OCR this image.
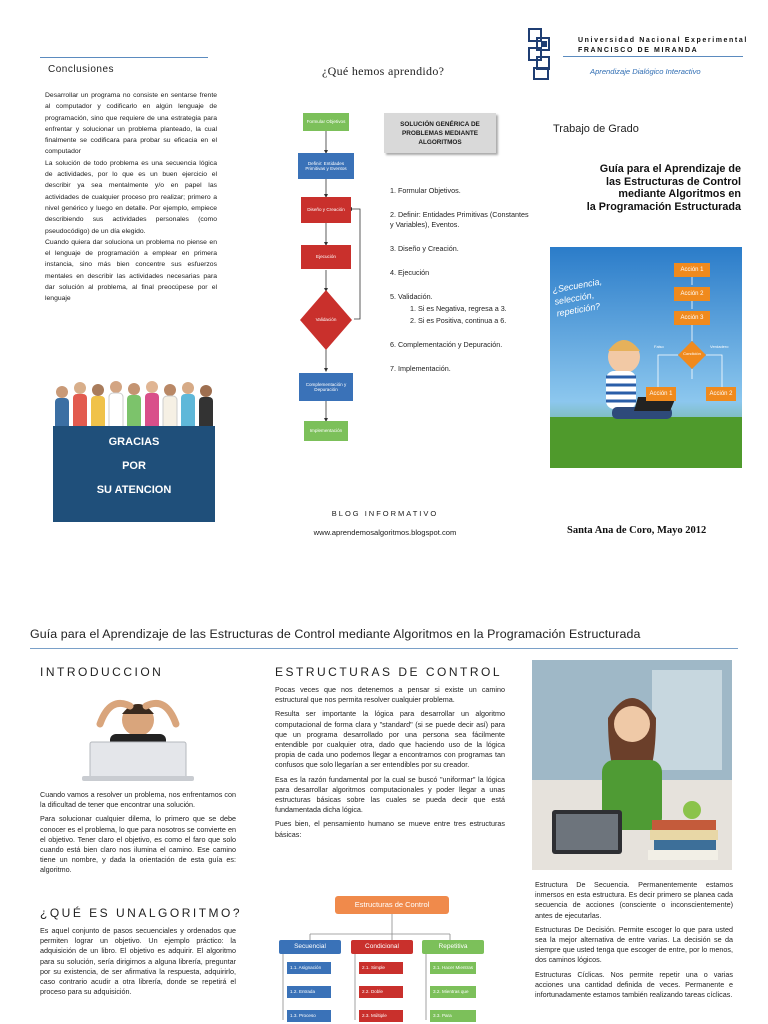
Conclusiones

Desarrollar un programa no consiste en sentarse frente al computador y codificarlo en algún lenguaje de programación, sino que requiere de una estrategia para enfrentar y solucionar un problema planteado, la cual finalmente se codificara para probar su eficacia en el computador

La solución de todo problema es una secuencia lógica de actividades, por lo que es un buen ejercicio el describir ya sea mentalmente y/o en papel las actividades de cualquier proceso pro realizar; primero a nivel genérico y luego en detalle. Por ejemplo, empiece describiendo sus actividades personales (como pseudocódigo) de un día elegido.

Cuando quiera dar soluciona un problema no piense en el lenguaje de programación a emplear en primera instancia, sino más bien concentre sus esfuerzos mentales en describir las actividades necesarias para dar solución al problema, al final preocúpese por el lenguaje

GRACIAS
POR
SU ATENCION
¿Qué hemos aprendido?
Formular Objetivos
Definir: Entidades Primitivas y Eventos
Diseño y Creación
Ejecución
Validación
Complementación y Depuración
Implementación
SOLUCIÓN GENÉRICA DE PROBLEMAS MEDIANTE ALGORITMOS
1. Formular Objetivos.
2. Definir: Entidades Primitivas (Constantes y Variables), Eventos.
3. Diseño y Creación.
4. Ejecución
5. Validación.
1. Si es Negativa, regresa a 3.
2. Si es Positiva, continua a 6.
6. Complementación y Depuración.
7. Implementación.
BLOG INFORMATIVO
www.aprendemosalgoritmos.blogspot.com
Universidad Nacional Experimental
FRANCISCO DE MIRANDA
Aprendizaje Dialógico Interactivo
Trabajo de Grado
Guía para el Aprendizaje de
las Estructuras de Control
mediante Algoritmos en
la Programación Estructurada
¿Secuencia, selección, repetición?
Acción 1
Acción 2
Acción 3
Condición
Falso	Verdadero
Acción 1	Acción 2
Santa Ana de Coro, Mayo 2012
Guía para el Aprendizaje de las Estructuras de Control mediante Algoritmos en la Programación Estructurada
INTRODUCCION

Cuando vamos a resolver un problema, nos enfrentamos con la dificultad de tener que encontrar una solución.

Para solucionar cualquier dilema, lo primero que se debe conocer es el problema, lo que para nosotros se convierte en el objetivo. Tener claro el objetivo, es como el faro que solo cuando está bien claro nos ilumina el camino. Ese camino tiene un nombre, y dada la orientación de esta guía es: algoritmo.

¿QUÉ ES UNALGORITMO?

Es aquel conjunto de pasos secuenciales y ordenados que permiten lograr un objetivo. Un ejemplo práctico: la adquisición de un libro. El objetivo es adquirir. El algoritmo para su solución, sería dirigirnos a alguna librería, preguntar por su existencia, de ser afirmativa la respuesta, adquirirlo, caso contrario acudir a otra librería, donde se repetirá el proceso para su adquisición.

ESTRUCTURAS DE CONTROL

Pocas veces que nos detenemos a pensar si existe un camino estructural que nos permita resolver cualquier problema.

Resulta ser importante la lógica para desarrollar un algoritmo computacional de forma clara y "standard" (si se puede decir así) para que un programa desarrollado por una persona sea fácilmente entendible por cualquier otra, dado que haciendo uso de la lógica propia de cada uno podemos llegar a encontrarnos con programas tan confusos que solo llegarían a ser entendibles por su creador.

Esa es la razón fundamental por la cual se buscó "uniformar" la lógica para desarrollar algoritmos computacionales y poder llegar a unas estructuras básicas sobre las cuales se pueda decir que está fundamentada dicha lógica.

Pues bien, el pensamiento humano se mueve entre tres estructuras básicas:

Estructuras de Control
Secuencial	Condicional	Repetitiva
1.1. Asignación
1.2. Entrada
1.3. Proceso
2.1. Simple
2.2. Doble
2.3. Múltiple
3.1. Hacer Mientras
3.2. Mientras que
3.3. Para

Estructura De Secuencia. Permanentemente estamos inmersos en esta estructura. Es decir primero se planea cada secuencia de acciones (consciente o inconscientemente) antes de ejecutarlas.

Estructuras De Decisión. Permite escoger lo que para usted sea la mejor alternativa de entre varias. La decisión se da siempre que usted tenga que escoger de entre, por lo menos, dos caminos lógicos.

Estructuras Cíclicas. Nos permite repetir una o varias acciones una cantidad definida de veces. Permanente e infortunadamente estamos también realizando tareas cíclicas.
